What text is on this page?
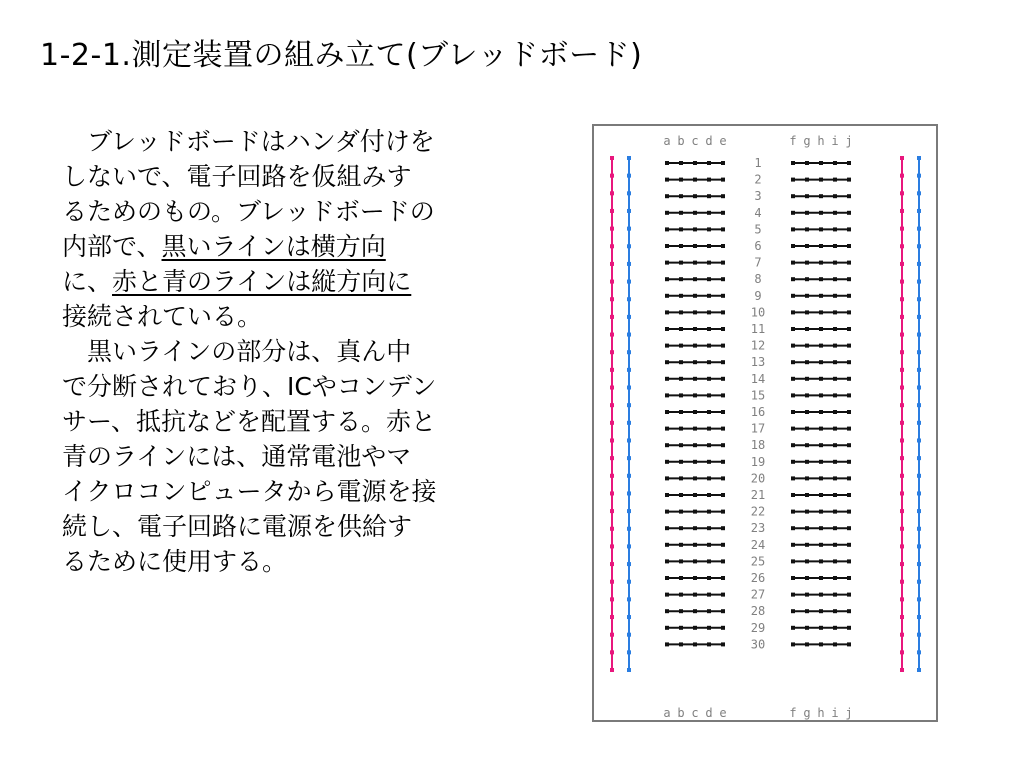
1-2-1.測定装置の組み立て(ブレッドボード)

　ブレッドボードはハンダ付けを
しないで、電子回路を仮組みす
るためのもの。ブレッドボードの
内部で、黒いラインは横方向
に、赤と青のラインは縦方向に
接続されている。

　黒いラインの部分は、真ん中
で分断されており、ICやコンデン
サー、抵抗などを配置する。赤と
青のラインには、通常電池やマ
イクロコンピュータから電源を接
続し、電子回路に電源を供給す
るために使用する。

a
a
b
b
c
c
d
d
e
e
f
f
g
g
h
h
i
i
j
j
1
2
3
4
5
6
7
8
9
10
11
12
13
14
15
16
17
18
19
20
21
22
23
24
25
26
27
28
29
30
